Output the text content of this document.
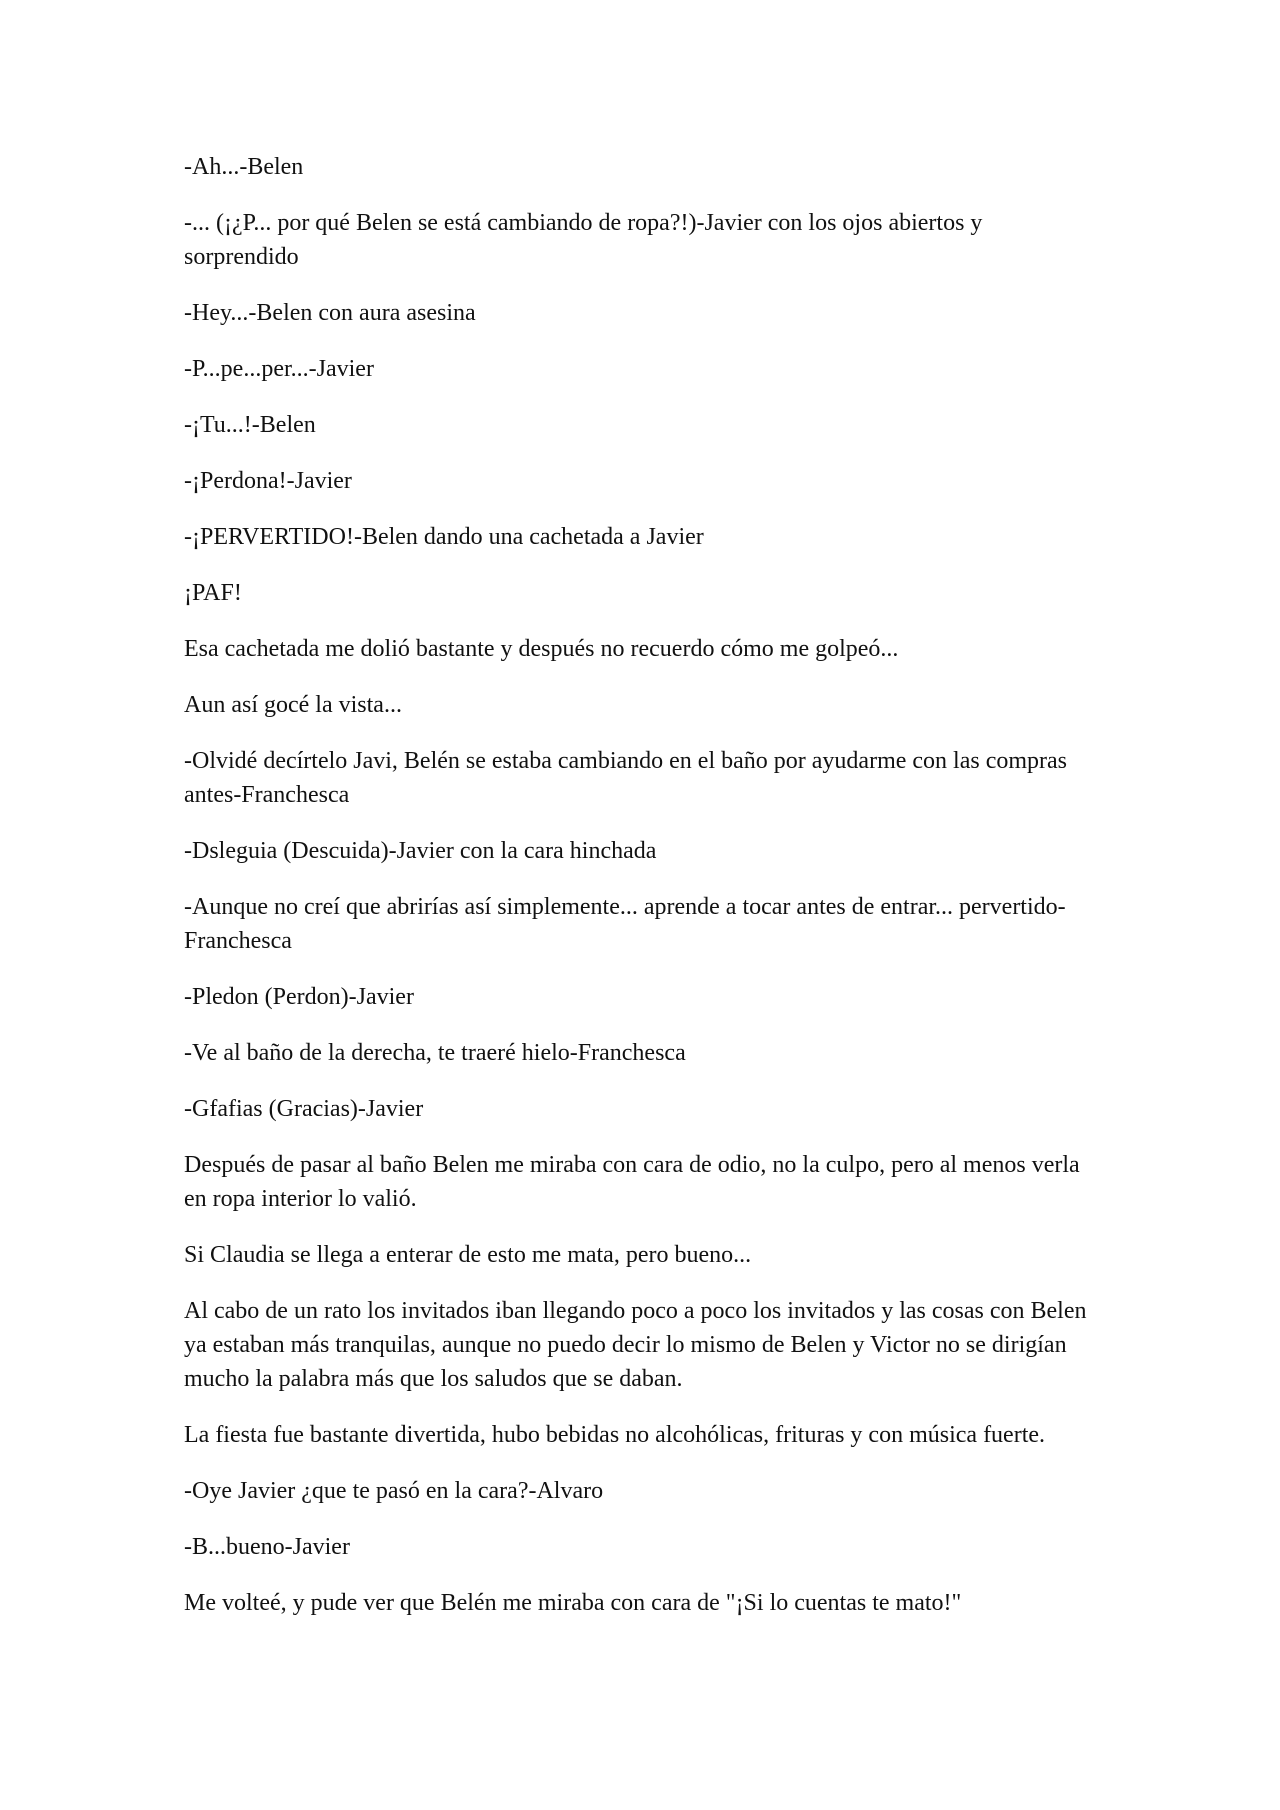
-Ah...-Belen

-... (¡¿P... por qué Belen se está cambiando de ropa?!)-Javier con los ojos abiertos y sorprendido

-Hey...-Belen con aura asesina

-P...pe...per...-Javier

-¡Tu...!-Belen

-¡Perdona!-Javier

-¡PERVERTIDO!-Belen dando una cachetada a Javier

¡PAF!

Esa cachetada me dolió bastante y después no recuerdo cómo me golpeó...

Aun así gocé la vista...

-Olvidé decírtelo Javi, Belén se estaba cambiando en el baño por ayudarme con las compras antes-Franchesca

-Dsleguia (Descuida)-Javier con la cara hinchada

-Aunque no creí que abrirías así simplemente... aprende a tocar antes de entrar... pervertido-Franchesca

-Pledon (Perdon)-Javier

-Ve al baño de la derecha, te traeré hielo-Franchesca

-Gfafias (Gracias)-Javier

Después de pasar al baño Belen me miraba con cara de odio, no la culpo, pero al menos verla en ropa interior lo valió.

Si Claudia se llega a enterar de esto me mata, pero bueno...

Al cabo de un rato los invitados iban llegando poco a poco los invitados y las cosas con Belen ya estaban más tranquilas, aunque no puedo decir lo mismo de Belen y Victor no se dirigían mucho la palabra más que los saludos que se daban.

La fiesta fue bastante divertida, hubo bebidas no alcohólicas, frituras y con música fuerte.

-Oye Javier ¿que te pasó en la cara?-Alvaro

-B...bueno-Javier

Me volteé, y pude ver que Belén me miraba con cara de "¡Si lo cuentas te mato!"
